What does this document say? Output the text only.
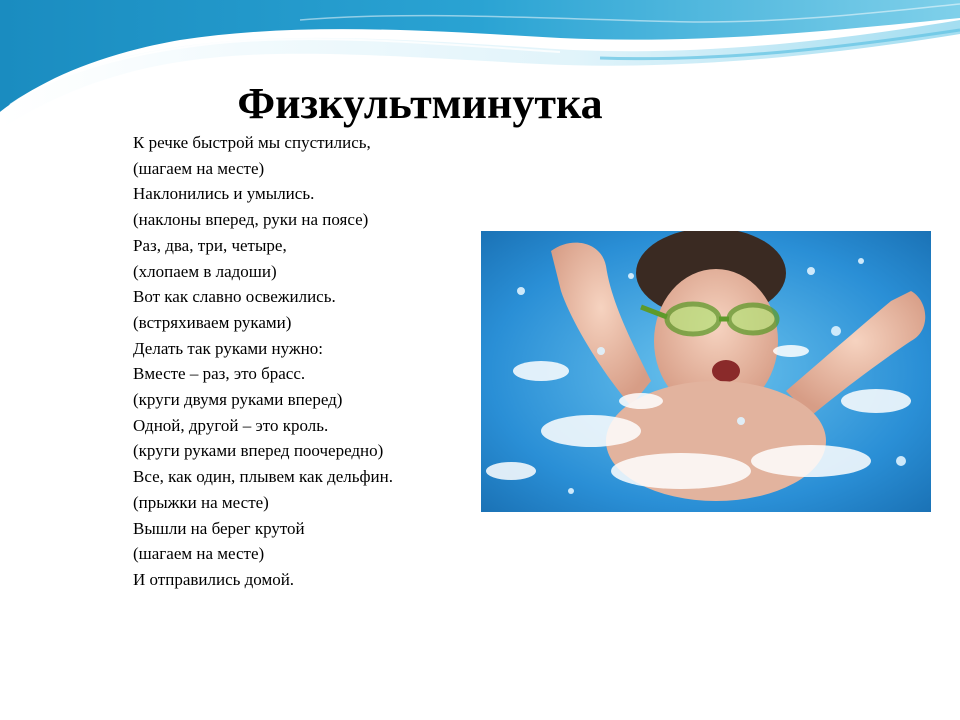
Физкультминутка
К речке быстрой мы спустились,
(шагаем на месте)
Наклонились и умылись.
(наклоны вперед, руки на поясе)
Раз, два, три, четыре,
(хлопаем в ладоши)
Вот как славно освежились.
(встряхиваем руками)
Делать так руками нужно:
Вместе – раз, это брасс.
(круги двумя руками вперед)
Одной, другой – это кроль.
(круги руками вперед поочередно)
Все, как один, плывем как дельфин.
(прыжки на месте)
Вышли на берег крутой
(шагаем на месте)
И отправились домой.
